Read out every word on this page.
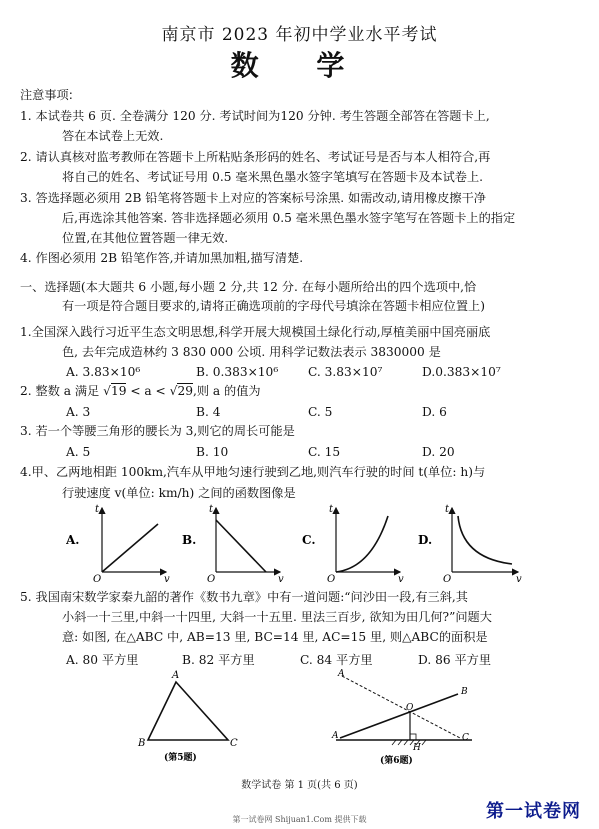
南京市 2023 年初中学业水平考试
数 学
注意事项:
1. 本试卷共 6 页. 全卷满分 120 分. 考试时间为120 分钟. 考生答题全部答在答题卡上,
答在本试卷上无效.
2. 请认真核对监考教师在答题卡上所粘贴条形码的姓名、考试证号是否与本人相符合,再
将自己的姓名、考试证号用 0.5 毫米黑色墨水签字笔填写在答题卡及本试卷上.
3. 答选择题必须用 2B 铅笔将答题卡上对应的答案标号涂黑. 如需改动,请用橡皮擦干净
后,再选涂其他答案. 答非选择题必须用 0.5 毫米黑色墨水签字笔写在答题卡上的指定
位置,在其他位置答题一律无效.
4. 作图必须用 2B 铅笔作答,并请加黑加粗,描写清楚.
一、选择题(本大题共 6 小题,每小题 2 分,共 12 分. 在每小题所给出的四个选项中,恰
有一项是符合题目要求的,请将正确选项前的字母代号填涂在答题卡相应位置上)
1.全国深入践行习近平生态文明思想,科学开展大规模国土绿化行动,厚植美丽中国亮丽底
色, 去年完成造林约 3 830 000 公顷. 用科学记数法表示 3830000 是
A. 3.83×10⁶	B. 0.383×10⁶ C. 3.83×10⁷	D.0.383×10⁷
2. 整数 a 满足 √19 < a < √29,则 a 的值为
A. 3	B. 4	C. 5	D. 6
3. 若一个等腰三角形的腰长为 3,则它的周长可能是
A. 5	B. 10	C. 15	D. 20
4.甲、乙两地相距 100km,汽车从甲地匀速行驶到乙地,则汽车行驶的时间 t(单位: h)与
行驶速度 v(单位: km/h) 之间的函数图像是
A.
t
v
O
B.
t
v
O
C.
t
v
O
D.
t
v
O
5. 我国南宋数学家秦九韶的著作《数书九章》中有一道问题:“问沙田一段,有三斜,其
小斜一十三里,中斜一十四里, 大斜一十五里. 里法三百步, 欲知为田几何?”问题大
意: 如图, 在△ABC 中, AB=13 里, BC=14 里, AC=15 里, 则△ABC的面积是
A. 80 平方里	B. 82 平方里	C. 84 平方里	D. 86 平方里
A
B	C
(第5题)
A
A
B
C
O
H
(第6题)
数学试卷 第 1 页(共 6 页)
第一试卷网 Shijuan1.Com 提供下载	第一试卷网
